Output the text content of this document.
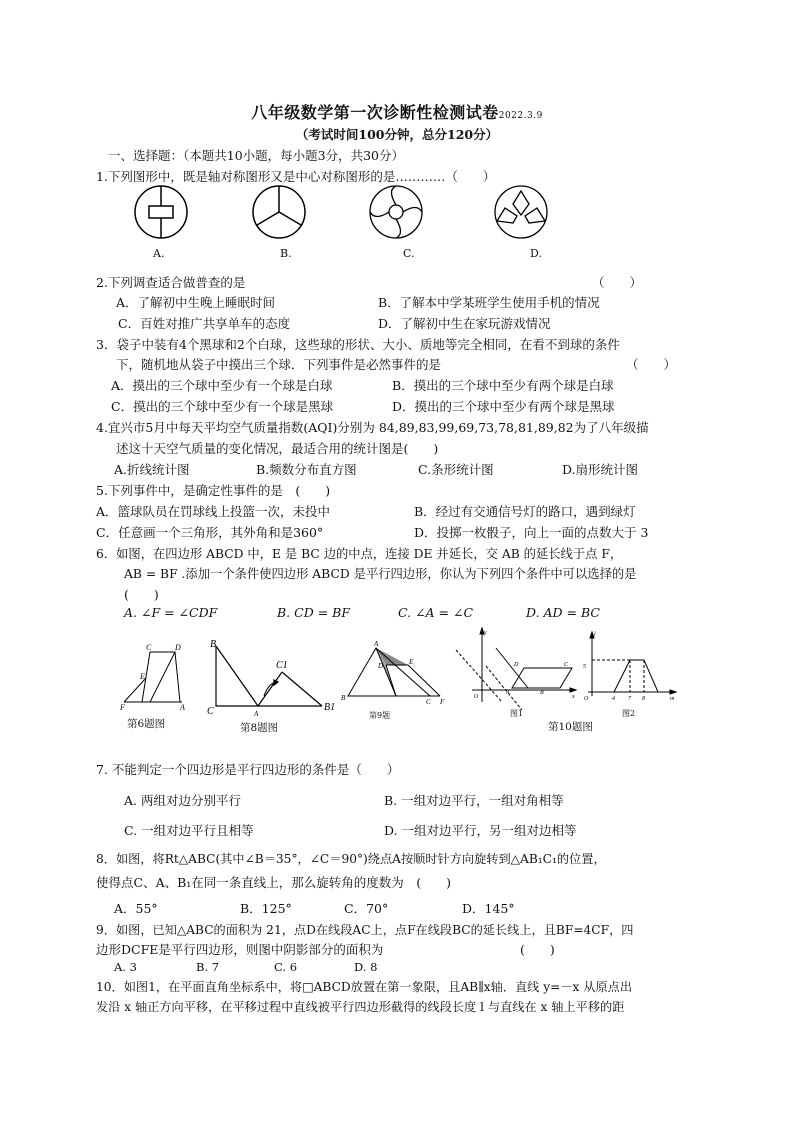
八年级数学第一次诊断性检测试卷2022.3.9
（考试时间100分钟，总分120分）
一、选择题：（本题共10小题，每小题3分，共30分）
1.下列图形中，既是轴对称图形又是中心对称图形的是…………（　　）
A.	B.	C.	D.
2.下列调查适合做普查的是	（　　）
A．了解初中生晚上睡眠时间	B．了解本中学某班学生使用手机的情况
C．百姓对推广共享单车的态度	D．了解初中生在家玩游戏情况
3．袋子中装有4个黑球和2个白球，这些球的形状、大小、质地等完全相同，在看不到球的条件
下，随机地从袋子中摸出三个球．下列事件是必然事件的是	（　　）
A．摸出的三个球中至少有一个球是白球	B．摸出的三个球中至少有两个球是白球
C．摸出的三个球中至少有一个球是黑球	D．摸出的三个球中至少有两个球是黑球
4.宜兴市5月中每天平均空气质量指数(AQI)分别为 84,89,83,99,69,73,78,81,89,82为了八年级描
述这十天空气质量的变化情况，最适合用的统计图是(　　)
A.折线统计图	B.频数分布直方图	C.条形统计图	D.扇形统计图
5.下列事件中，是确定性事件的是　(　　)
A．篮球队员在罚球线上投篮一次，未投中	B．经过有交通信号灯的路口，遇到绿灯
C．任意画一个三角形，其外角和是360°	D．投掷一枚骰子，向上一面的点数大于 3
6．如图，在四边形 ABCD 中，E 是 BC 边的中点，连接 DE 并延长，交 AB 的延长线于点 F，
AB = BF .添加一个条件使四边形 ABCD 是平行四边形，你认为下列四个条件中可以选择的是
(　　)
A. ∠F = ∠CDF	B. CD = BF	C. ∠A = ∠C	D. AD = BC
C	D
E
A
F
第6题图
B
C1
C	A
B1
第8题图
A
D	E
B	C F
第9题
y
O
A	B
D	C
x
图1
l
5
O	4 7 8	m
图2
第10题图
7. 不能判定一个四边形是平行四边形的条件是（　　）
A. 两组对边分别平行	B. 一组对边平行，一组对角相等
C. 一组对边平行且相等	D. 一组对边平行，另一组对边相等
8．如图，将Rt△ABC(其中∠B＝35°，∠C＝90°)绕点A按顺时针方向旋转到△AB₁C₁的位置，
使得点C、A、B₁在同一条直线上，那么旋转角的度数为　(　　)
A．55°	B．125°	C．70°	D．145°
9．如图，已知△ABC的面积为 21，点D在线段AC上，点F在线段BC的延长线上，且BF=4CF，四
边形DCFE是平行四边形，则图中阴影部分的面积为	(　　)
A. 3	B. 7	C. 6	D. 8
10．如图1，在平面直角坐标系中，将□ABCD放置在第一象限，且AB∥x轴．直线 y=－x 从原点出
发沿 x 轴正方向平移，在平移过程中直线被平行四边形截得的线段长度 l 与直线在 x 轴上平移的距
